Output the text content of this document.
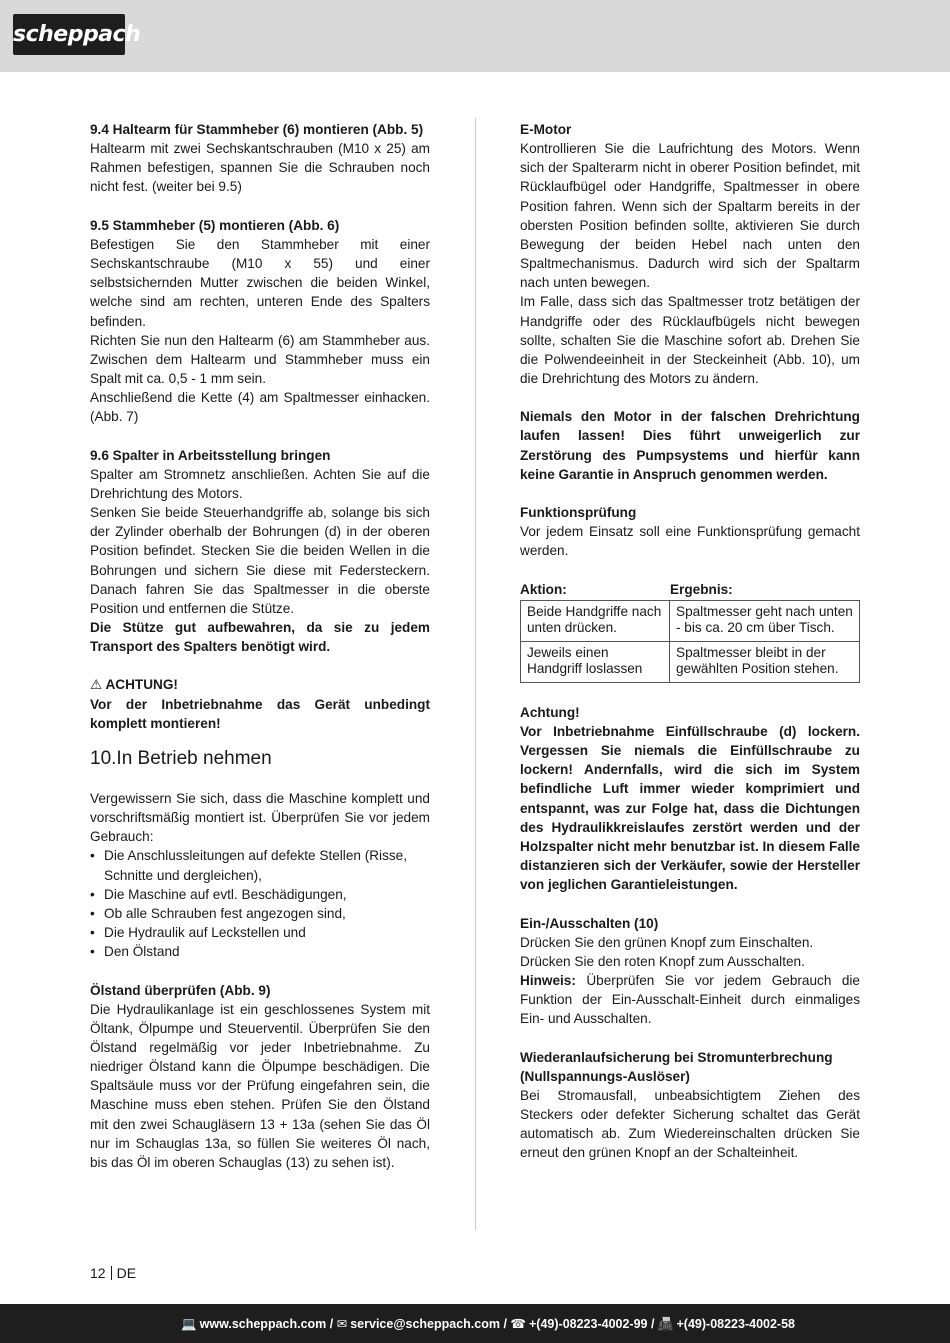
scheppach

9.4 Haltearm für Stammheber (6) montieren (Abb. 5)

Haltearm mit zwei Sechskantschrauben (M10 x 25) am Rahmen befestigen, spannen Sie die Schrauben noch nicht fest. (weiter bei 9.5)

9.5 Stammheber (5) montieren (Abb. 6)

Befestigen Sie den Stammheber mit einer Sechskantschraube (M10 x 55) und einer selbstsichernden Mutter zwischen die beiden Winkel, welche sind am rechten, unteren Ende des Spalters befinden.

Richten Sie nun den Haltearm (6) am Stammheber aus. Zwischen dem Haltearm und Stammheber muss ein Spalt mit ca. 0,5 - 1 mm sein.

Anschließend die Kette (4) am Spaltmesser einhacken. (Abb. 7)

9.6 Spalter in Arbeitsstellung bringen

Spalter am Stromnetz anschließen. Achten Sie auf die Drehrichtung des Motors.

Senken Sie beide Steuerhandgriffe ab, solange bis sich der Zylinder oberhalb der Bohrungen (d) in der oberen Position befindet. Stecken Sie die beiden Wellen in die Bohrungen und sichern Sie diese mit Federsteckern. Danach fahren Sie das Spaltmesser in die oberste Position und entfernen die Stütze.

Die Stütze gut aufbewahren, da sie zu jedem Transport des Spalters benötigt wird.

⚠ ACHTUNG!

Vor der Inbetriebnahme das Gerät unbedingt komplett montieren!

10.In Betrieb nehmen

Vergewissern Sie sich, dass die Maschine komplett und vorschriftsmäßig montiert ist. Überprüfen Sie vor jedem Gebrauch:

• Die Anschlussleitungen auf defekte Stellen (Risse, Schnitte und dergleichen),
• Die Maschine auf evtl. Beschädigungen,
• Ob alle Schrauben fest angezogen sind,
• Die Hydraulik auf Leckstellen und
• Den Ölstand

Ölstand überprüfen (Abb. 9)

Die Hydraulikanlage ist ein geschlossenes System mit Öltank, Ölpumpe und Steuerventil. Überprüfen Sie den Ölstand regelmäßig vor jeder Inbetriebnahme. Zu niedriger Ölstand kann die Ölpumpe beschädigen. Die Spaltsäule muss vor der Prüfung eingefahren sein, die Maschine muss eben stehen. Prüfen Sie den Ölstand mit den zwei Schaugläsern 13 + 13a (sehen Sie das Öl nur im Schauglas 13a, so füllen Sie weiteres Öl nach, bis das Öl im oberen Schauglas (13) zu sehen ist).

E-Motor

Kontrollieren Sie die Laufrichtung des Motors. Wenn sich der Spalterarm nicht in oberer Position befindet, mit Rücklaufbügel oder Handgriffe, Spaltmesser in obere Position fahren. Wenn sich der Spaltarm bereits in der obersten Position befinden sollte, aktivieren Sie durch Bewegung der beiden Hebel nach unten den Spaltmechanismus. Dadurch wird sich der Spaltarm nach unten bewegen.

Im Falle, dass sich das Spaltmesser trotz betätigen der Handgriffe oder des Rücklaufbügels nicht bewegen sollte, schalten Sie die Maschine sofort ab. Drehen Sie die Polwendeeinheit in der Steckeinheit (Abb. 10), um die Drehrichtung des Motors zu ändern.

Niemals den Motor in der falschen Drehrichtung laufen lassen! Dies führt unweigerlich zur Zerstörung des Pumpsystems und hierfür kann keine Garantie in Anspruch genommen werden.

Funktionsprüfung

Vor jedem Einsatz soll eine Funktionsprüfung gemacht werden.

Aktion:	Ergebnis:
Beide Handgriffe nach unten drücken.	Spaltmesser geht nach unten - bis ca. 20 cm über Tisch.
Jeweils einen Handgriff loslassen	Spaltmesser bleibt in der gewählten Position stehen.

Achtung!

Vor Inbetriebnahme Einfüllschraube (d) lockern. Vergessen Sie niemals die Einfüllschraube zu lockern! Andernfalls, wird die sich im System befindliche Luft immer wieder komprimiert und entspannt, was zur Folge hat, dass die Dichtungen des Hydraulikkreislaufes zerstört werden und der Holzspalter nicht mehr benutzbar ist. In diesem Falle distanzieren sich der Verkäufer, sowie der Hersteller von jeglichen Garantieleistungen.

Ein-/Ausschalten (10)

Drücken Sie den grünen Knopf zum Einschalten.

Drücken Sie den roten Knopf zum Ausschalten.

Hinweis: Überprüfen Sie vor jedem Gebrauch die Funktion der Ein-Ausschalt-Einheit durch einmaliges Ein- und Ausschalten.

Wiederanlaufsicherung bei Stromunterbrechung (Nullspannungs-Auslöser)

Bei Stromausfall, unbeabsichtigtem Ziehen des Steckers oder defekter Sicherung schaltet das Gerät automatisch ab. Zum Wiedereinschalten drücken Sie erneut den grünen Knopf an der Schalteinheit.

12 DE
💻 www.scheppach.com / ✉ service@scheppach.com / ☎ +(49)-08223-4002-99 / 📠 +(49)-08223-4002-58
